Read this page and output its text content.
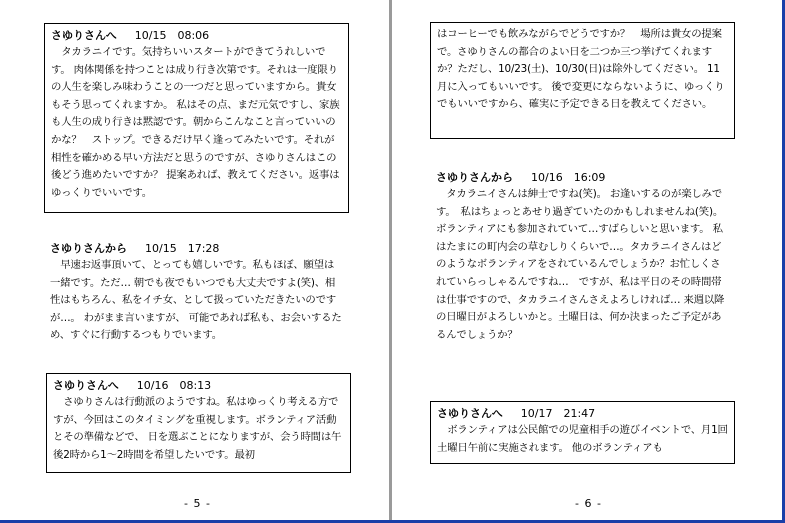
さゆりさんへ 10/15　08:06

　タカラニイです。気持ちいいスタートができてうれしいです。 肉体関係を持つことは成り行き次第です。それは一度限りの人生を楽しみ味わうことの一つだと思っていますから。貴女もそう思ってくれますか。 私はその点、まだ元気ですし、家族も人生の成り行きは黙認です。朝からこんなこと言っていいのかな？　ストップ。できるだけ早く逢ってみたいです。それが相性を確かめる早い方法だと思うのですが、さゆりさんはこの後どう進めたいですか？ 提案あれば、教えてください。返事はゆっくりでいいです。

さゆりさんから 10/15　17:28

　早速お返事頂いて、とっても嬉しいです。私もほぼ、願望は一緒です。ただ… 朝でも夜でもいつでも大丈夫ですよ(笑)、相性はもちろん、私をイチ女、として扱っていただきたいのですが…。 わがまま言いますが、 可能であれば私も、お会いするため、すぐに行動するつもりでいます。

さゆりさんへ 10/16　08:13

　さゆりさんは行動派のようですね。私はゆっくり考える方ですが、今回はこのタイミングを重視します。ボランティア活動とその準備などで、 日を選ぶことになりますが、会う時間は午後2時から1～2時間を希望したいです。最初

- 5 -

はコーヒーでも飲みながらでどうですか？　場所は貴女の提案で。さゆりさんの都合のよい日を二つか三つ挙げてくれますか？ただし、10/23(土)、10/30(日)は除外してください。 11月に入ってもいいです。 後で変更にならないように、ゆっくりでもいいですから、確実に予定できる日を教えてください。

さゆりさんから 10/16　16:09

　タカラニイさんは紳士ですね(笑)。 お逢いするのが楽しみです。　私はちょっとあせり過ぎていたのかもしれませんね(笑)。 ボランティアにも参加されていて…すばらしいと思います。 私はたまにの町内会の草むしりくらいで…。タカラニイさんはどのようなボランティアをされているんでしょうか？お忙しくされていらっしゃるんですね…　ですが、私は平日のその時間帯は仕事ですので、タカラニイさんさえよろしければ… 来週以降の日曜日がよろしいかと。土曜日は、何か決まったご予定があるんでしょうか？

さゆりさんへ 10/17　21:47

　ボランティアは公民館での児童相手の遊びイベントで、月1回土曜日午前に実施されます。 他のボランティアも

- 6 -
